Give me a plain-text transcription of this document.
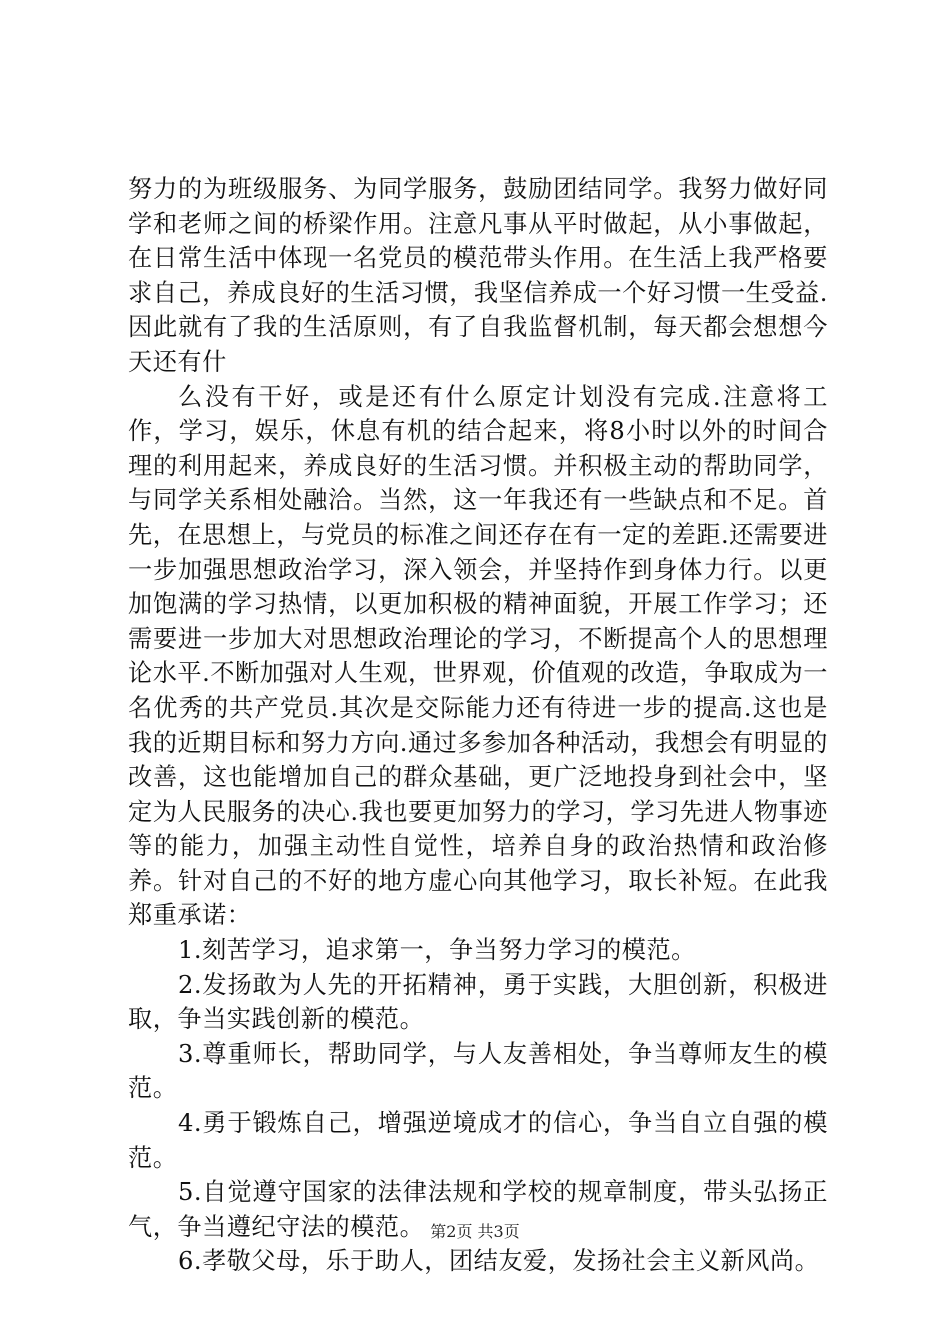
努力的为班级服务、为同学服务，鼓励团结同学。我努力做好同学和老师之间的桥梁作用。注意凡事从平时做起，从小事做起，在日常生活中体现一名党员的模范带头作用。在生活上我严格要求自己，养成良好的生活习惯，我坚信养成一个好习惯一生受益.因此就有了我的生活原则，有了自我监督机制，每天都会想想今天还有什

么没有干好，或是还有什么原定计划没有完成.注意将工作，学习，娱乐，休息有机的结合起来，将8小时以外的时间合理的利用起来，养成良好的生活习惯。并积极主动的帮助同学，与同学关系相处融洽。当然，这一年我还有一些缺点和不足。首先，在思想上，与党员的标准之间还存在有一定的差距.还需要进一步加强思想政治学习，深入领会，并坚持作到身体力行。以更加饱满的学习热情，以更加积极的精神面貌，开展工作学习；还需要进一步加大对思想政治理论的学习，不断提高个人的思想理论水平.不断加强对人生观，世界观，价值观的改造，争取成为一名优秀的共产党员.其次是交际能力还有待进一步的提高.这也是我的近期目标和努力方向.通过多参加各种活动，我想会有明显的改善，这也能增加自己的群众基础，更广泛地投身到社会中，坚定为人民服务的决心.我也要更加努力的学习，学习先进人物事迹等的能力，加强主动性自觉性，培养自身的政治热情和政治修养。针对自己的不好的地方虚心向其他学习，取长补短。在此我郑重承诺：

1.刻苦学习，追求第一，争当努力学习的模范。

2.发扬敢为人先的开拓精神，勇于实践，大胆创新，积极进取，争当实践创新的模范。

3.尊重师长，帮助同学，与人友善相处，争当尊师友生的模范。

4.勇于锻炼自己，增强逆境成才的信心，争当自立自强的模范。

5.自觉遵守国家的法律法规和学校的规章制度，带头弘扬正气，争当遵纪守法的模范。

6.孝敬父母，乐于助人，团结友爱，发扬社会主义新风尚。

第2页 共3页
